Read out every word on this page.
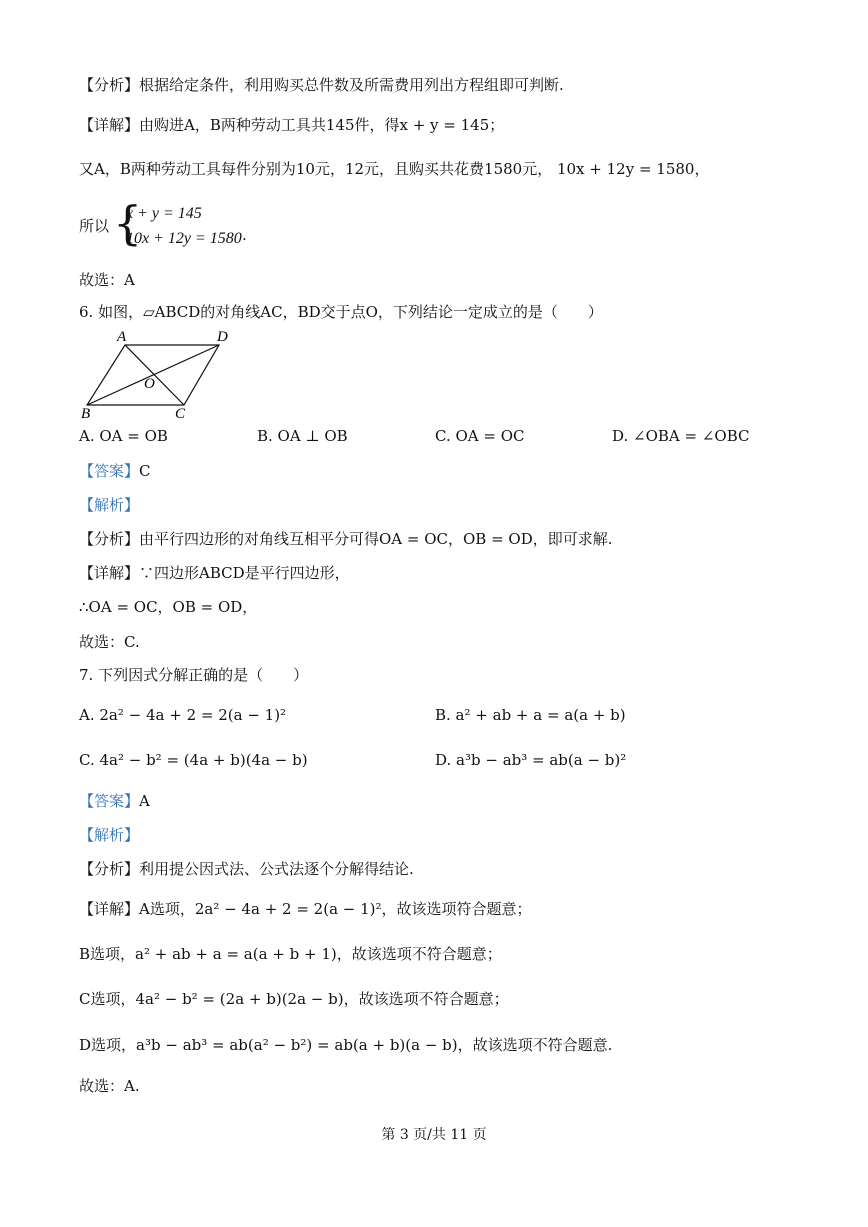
【分析】根据给定条件，利用购买总件数及所需费用列出方程组即可判断.
【详解】由购进A，B两种劳动工具共145件，得x + y = 145；
又A，B两种劳动工具每件分别为10元，12元，且购买共花费1580元， 10x + 12y = 1580，
所以 {
x + y = 145
10x + 12y = 1580 .
故选：A
6. 如图，▱ABCD的对角线AC，BD交于点O，下列结论一定成立的是（　　）
A	D
O
B	C
A. OA = OB	B. OA ⊥ OB	C. OA = OC	D. ∠OBA = ∠OBC
【答案】C
【解析】
【分析】由平行四边形的对角线互相平分可得OA = OC，OB = OD，即可求解.
【详解】∵四边形ABCD是平行四边形，
∴OA = OC，OB = OD，
故选：C.
7. 下列因式分解正确的是（　　）
A. 2a² − 4a + 2 = 2(a − 1)²	B. a² + ab + a = a(a + b)
C. 4a² − b² = (4a + b)(4a − b)	D. a³b − ab³ = ab(a − b)²
【答案】A
【解析】
【分析】利用提公因式法、公式法逐个分解得结论.
【详解】A选项，2a² − 4a + 2 = 2(a − 1)²，故该选项符合题意；
B选项，a² + ab + a = a(a + b + 1)，故该选项不符合题意；
C选项，4a² − b² = (2a + b)(2a − b)，故该选项不符合题意；
D选项，a³b − ab³ = ab(a² − b²) = ab(a + b)(a − b)，故该选项不符合题意.
故选：A.
第 3 页/共 11 页
